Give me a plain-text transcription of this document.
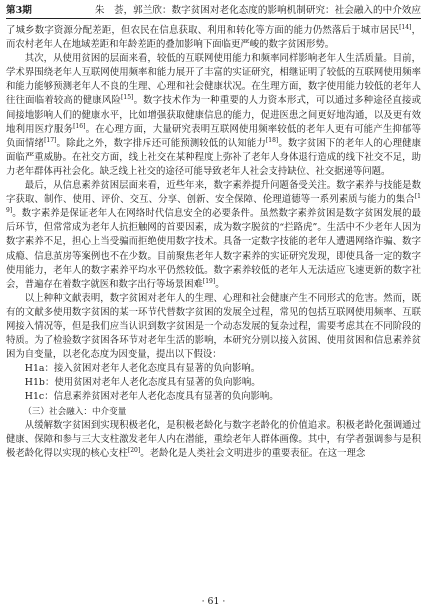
第3期	朱　荟，郭兰欣：数字贫困对老化态度的影响机制研究：社会融入的中介效应

了城乡数字资源分配差距，但农民在信息获取、利用和转化等方面的能力仍然落后于城市居民[14]，而农村老年人在地域差距和年龄差距的叠加影响下面临更严峻的数字贫困形势。

其次，从使用贫困的层面来看，较低的互联网使用能力和频率同样影响老年人生活质量。目前，学术界围绕老年人互联网使用频率和能力展开了丰富的实证研究，相继证明了较低的互联网使用频率和能力能够预测老年人不良的生理、心理和社会健康状况。在生理方面，数字使用能力较低的老年人往往面临着较高的健康风险[15]。数字技术作为一种重要的人力资本形式，可以通过多种途径直接或间接地影响人们的健康水平，比如增强获取健康信息的能力，促进医患之间更好地沟通，以及更有效地利用医疗服务[16]。在心理方面，大量研究表明互联网使用频率较低的老年人更有可能产生抑郁等负面情绪[17]。除此之外，数字排斥还可能预测较低的认知能力[18]。数字贫困下的老年人的心理健康面临严重威胁。在社交方面，线上社交在某种程度上弥补了老年人身体退行造成的线下社交不足，助力老年群体再社会化。缺乏线上社交的途径可能导致老年人社会支持缺位、社交据递等问题。

最后，从信息素养贫困层面来看，近些年来，数字素养提升问题备受关注。数字素养与技能是数字获取、制作、使用、评价、交互、分享、创新、安全保障、伦理道德等一系列素质与能力的集合[19]。数字素养是保证老年人在网络时代信息安全的必要条件。虽然数字素养贫困是数字贫困发展的最后环节，但常常成为老年人抗拒触网的首要因素，成为数字脱贫的“拦路虎”。生活中不少老年人因为数字素养不足，担心上当受骗而拒绝使用数字技术。具备一定数字技能的老年人遭遇网络诈骗、数字成瘾、信息茧房等案例也不在少数。目前聚焦老年人数字素养的实证研究发现，即使具备一定的数字使用能力，老年人的数字素养平均水平仍然较低。数字素养较低的老年人无法适应飞速更新的数字社会，普遍存在着数字就医和数字出行等场景困难[19]。

以上种种文献表明，数字贫困对老年人的生理、心理和社会健康产生不同形式的危害。然而，既有的文献多使用数字贫困的某一环节代替数字贫困的发展全过程，常见的包括互联网使用频率、互联网接入情况等，但是我们应当认识到数字贫困是一个动态发展的复杂过程，需要考虑其在不同阶段的特质。为了检验数字贫困各环节对老年生活的影响，本研究分别以接入贫困、使用贫困和信息素养贫困为自变量，以老化态度为因变量，提出以下假设：

H1a：接入贫困对老年人老化态度具有显著的负向影响。

H1b：使用贫困对老年人老化态度具有显著的负向影响。

H1c：信息素养贫困对老年人老化态度具有显著的负向影响。

（三）社会融入：中介变量

从缓解数字贫困到实现积极老化，是积极老龄化与数字老龄化的价值追求。积极老龄化强调通过健康、保障和参与三大支柱激发老年人内在潜能，重绘老年人群体画像。其中，有学者强调参与是积极老龄化得以实现的核心支柱[20]。老龄化是人类社会文明进步的重要表征。在这一理念

· 61 ·
